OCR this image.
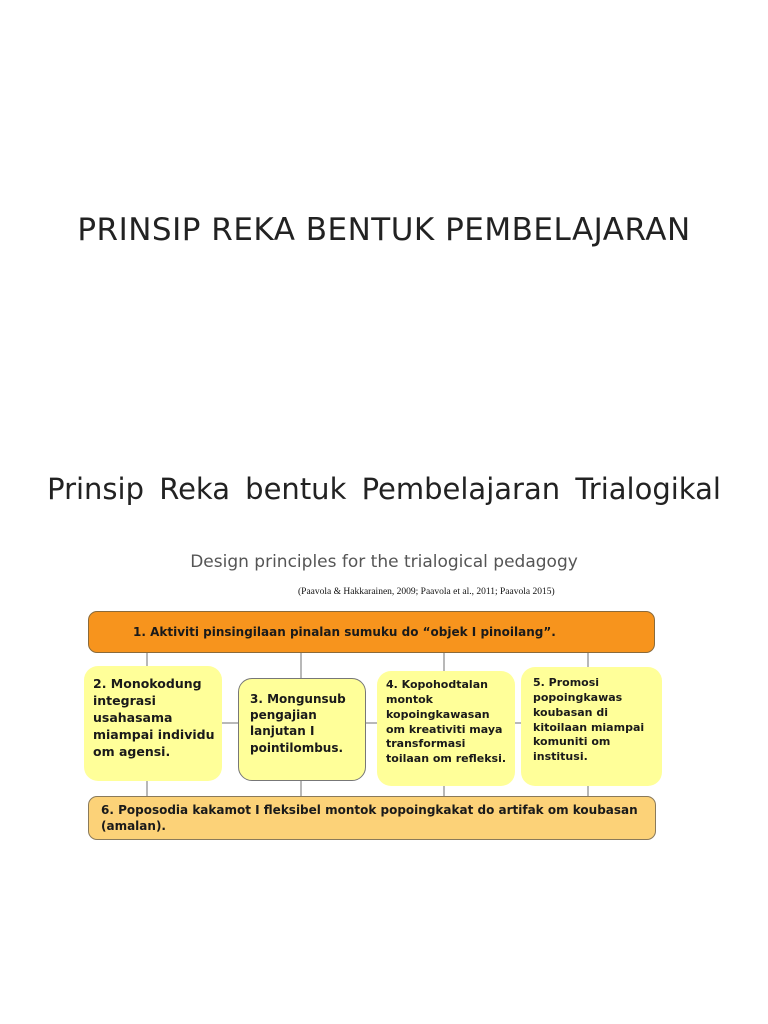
PRINSIP REKA BENTUK PEMBELAJARAN
Prinsip Reka bentuk Pembelajaran Trialogikal
Design principles for the trialogical pedagogy
(Paavola & Hakkarainen, 2009; Paavola et al., 2011; Paavola 2015)
1. Aktiviti pinsingilaan pinalan sumuku do “objek I pinoilang”.
2. Monokodung
integrasi
usahasama
miampai individu
om agensi.
3. Mongunsub
pengajian
lanjutan I
pointilombus.
4. Kopohodtalan
montok
kopoingkawasan
om kreativiti maya
transformasi
toilaan om refleksi.
5. Promosi
popoingkawas
koubasan di
kitoilaan miampai
komuniti om
institusi.
6. Poposodia kakamot I fleksibel montok popoingkakat do artifak om koubasan
(amalan).
